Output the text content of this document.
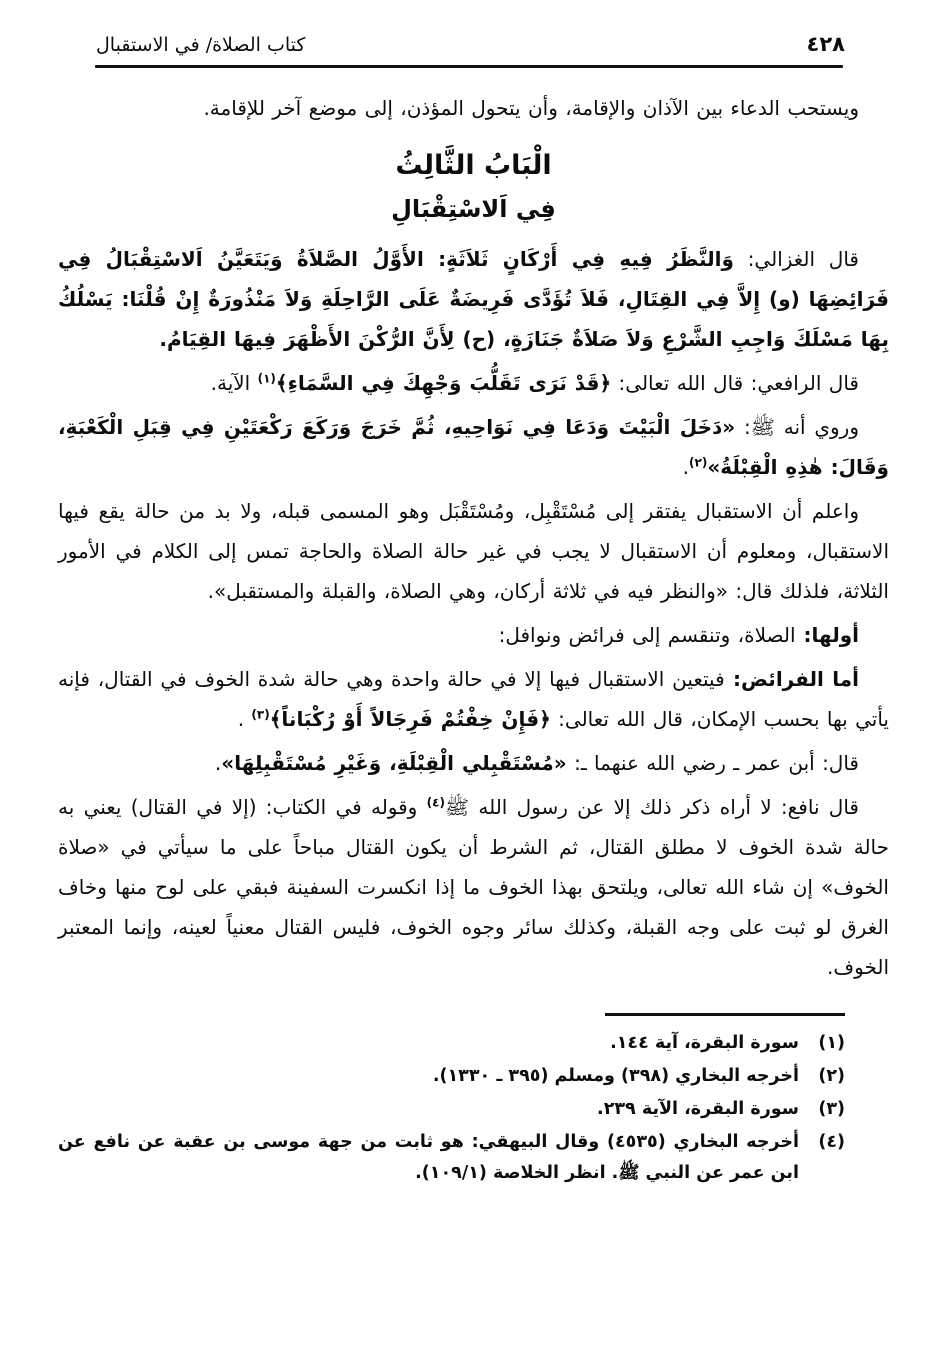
٤٢٨
كتاب الصلاة/ في الاستقبال

ويستحب الدعاء بين الآذان والإقامة، وأن يتحول المؤذن، إلى موضع آخر للإقامة.

الْبَابُ الثَّالِثُ
فِي اَلاسْتِقْبَالِ

قال الغزالي: وَالنَّظَرُ فِيهِ فِي أَرْكَانٍ ثَلاَثَةٍ: الأَوَّلُ الصَّلاَةُ وَيَتَعَيَّنُ اَلاسْتِقْبَالُ فِي فَرَائِضِهَا (و) إِلاَّ فِي القِتَالِ، فَلاَ تُؤَدَّى فَرِيضَةٌ عَلَى الرَّاحِلَةِ وَلاَ مَنْذُورَةٌ إِنْ قُلْنَا: يَسْلُكُ بِهَا مَسْلَكَ وَاجِبِ الشَّرْعِ وَلاَ صَلاَةٌ جَنَازَةٍ، (ح) لِأَنَّ الرُّكْنَ الأَظْهَرَ فِيهَا القِيَامُ.

قال الرافعي: قال الله تعالى: ﴿قَدْ نَرَى تَقَلُّبَ وَجْهِكَ فِي السَّمَاءِ﴾$^{(١)}$ الآية.

وروي أنه ﷺ: «دَخَلَ الْبَيْتَ وَدَعَا فِي نَوَاحِيهِ، ثُمَّ خَرَجَ وَرَكَعَ رَكْعَتَيْنِ فِي قِبَلِ الْكَعْبَةِ، وَقَالَ: هٰذِهِ الْقِبْلَةُ»$^{(٢)}$.

واعلم أن الاستقبال يفتقر إلى مُسْتَقْبِل، ومُسْتَقْبَل وهو المسمى قبله، ولا بد من حالة يقع فيها الاستقبال، ومعلوم أن الاستقبال لا يجب في غير حالة الصلاة والحاجة تمس إلى الكلام في الأمور الثلاثة، فلذلك قال: «والنظر فيه في ثلاثة أركان، وهي الصلاة، والقبلة والمستقبل».

أولها: الصلاة، وتنقسم إلى فرائض ونوافل:

أما الفرائض: فيتعين الاستقبال فيها إلا في حالة واحدة وهي حالة شدة الخوف في القتال، فإنه يأتي بها بحسب الإمكان، قال الله تعالى: ﴿فَإِنْ خِفْتُمْ فَرِجَالاً أَوْ رُكْبَاناً﴾$^{(٣)}$ .

قال: أبن عمر ـ رضي الله عنهما ـ: «مُسْتَقْبِلي الْقِبْلَةِ، وَغَيْرِ مُسْتَقْبِلِهَا».

قال نافع: لا أراه ذكر ذلك إلا عن رسول الله ﷺ$^{(٤)}$ وقوله في الكتاب: (إلا في القتال) يعني به حالة شدة الخوف لا مطلق القتال، ثم الشرط أن يكون القتال مباحاً على ما سيأتي في «صلاة الخوف» إن شاء الله تعالى، ويلتحق بهذا الخوف ما إذا انكسرت السفينة فبقي على لوح منها وخاف الغرق لو ثبت على وجه القبلة، وكذلك سائر وجوه الخوف، فليس القتال معنياً لعينه، وإنما المعتبر الخوف.

(١)
سورة البقرة، آية ١٤٤.
(٢)
أخرجه البخاري (٣٩٨) ومسلم (٣٩٥ ـ ١٣٣٠).
(٣)
سورة البقرة، الآية ٢٣٩.
(٤)
أخرجه البخاري (٤٥٣٥) وقال البيهقي: هو ثابت من جهة موسى بن عقبة عن نافع عن ابن عمر عن النبي ﷺ. انظر الخلاصة (١٠٩/١).
